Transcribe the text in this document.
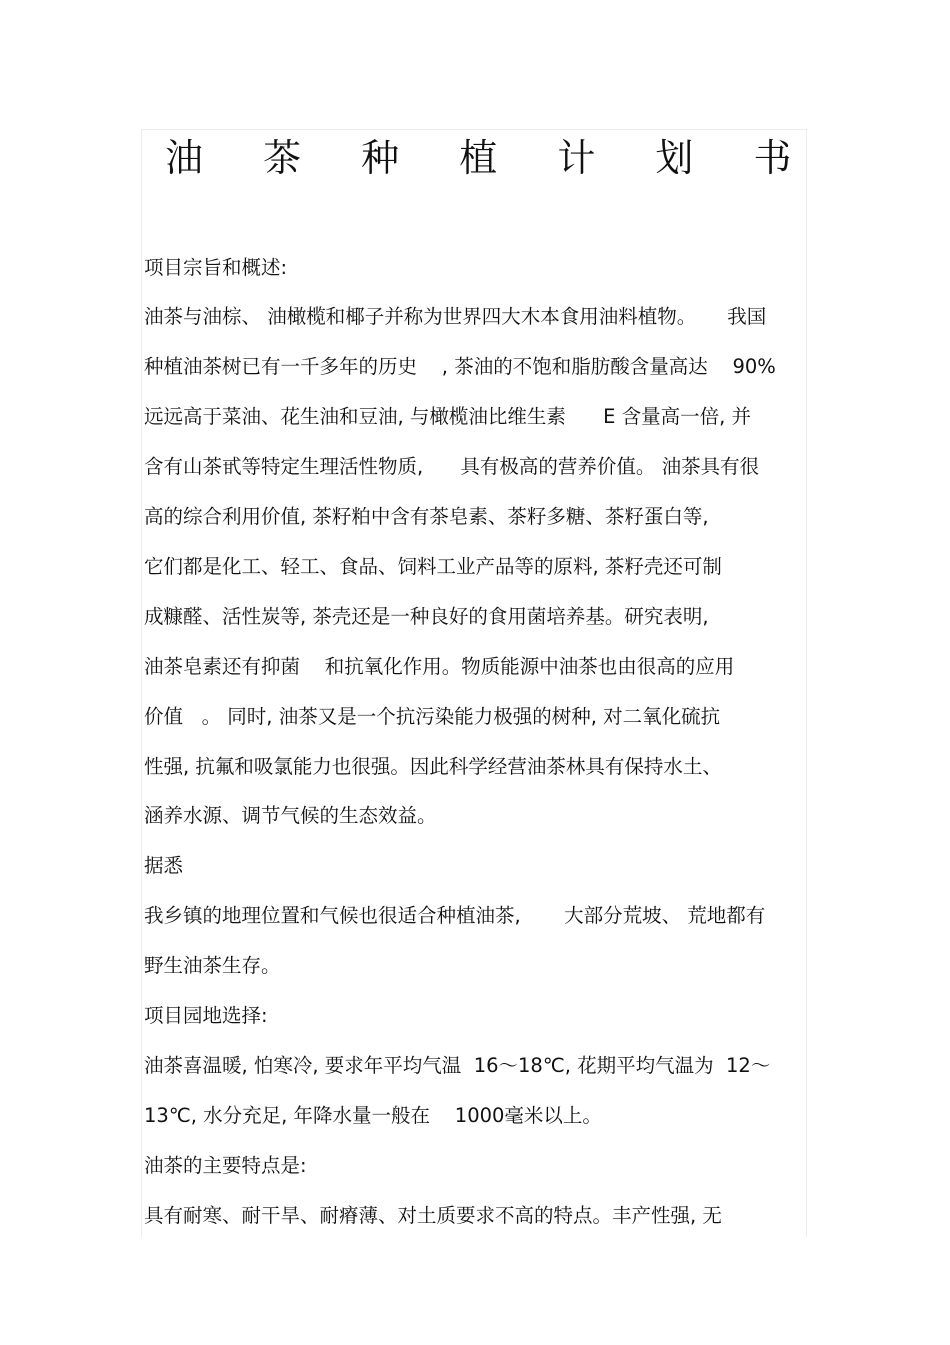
油 茶 种 植 计 划 书

项目宗旨和概述:

油茶与油棕、 油橄榄和椰子并称为世界四大木本食用油料植物。     我国

种植油茶树已有一千多年的历史    , 茶油的不饱和脂肪酸含量高达    90%

远远高于菜油、花生油和豆油, 与橄榄油比维生素      E 含量高一倍, 并

含有山茶甙等特定生理活性物质,      具有极高的营养价值。 油茶具有很

高的综合利用价值, 茶籽粕中含有茶皂素、茶籽多糖、茶籽蛋白等,

它们都是化工、轻工、食品、饲料工业产品等的原料, 茶籽壳还可制

成糠醛、活性炭等, 茶壳还是一种良好的食用菌培养基。研究表明,

油茶皂素还有抑菌    和抗氧化作用。物质能源中油茶也由很高的应用

价值   。 同时, 油茶又是一个抗污染能力极强的树种, 对二氧化硫抗

性强, 抗氟和吸氯能力也很强。因此科学经营油茶林具有保持水土、

涵养水源、调节气候的生态效益。

据悉

我乡镇的地理位置和气候也很适合种植油茶,       大部分荒坡、 荒地都有

野生油茶生存。

项目园地选择:

油茶喜温暖, 怕寒冷, 要求年平均气温  16～18℃, 花期平均气温为  12～

13℃, 水分充足, 年降水量一般在    1000毫米以上。

油茶的主要特点是:

具有耐寒、耐干旱、耐瘠薄、对土质要求不高的特点。丰产性强, 无
